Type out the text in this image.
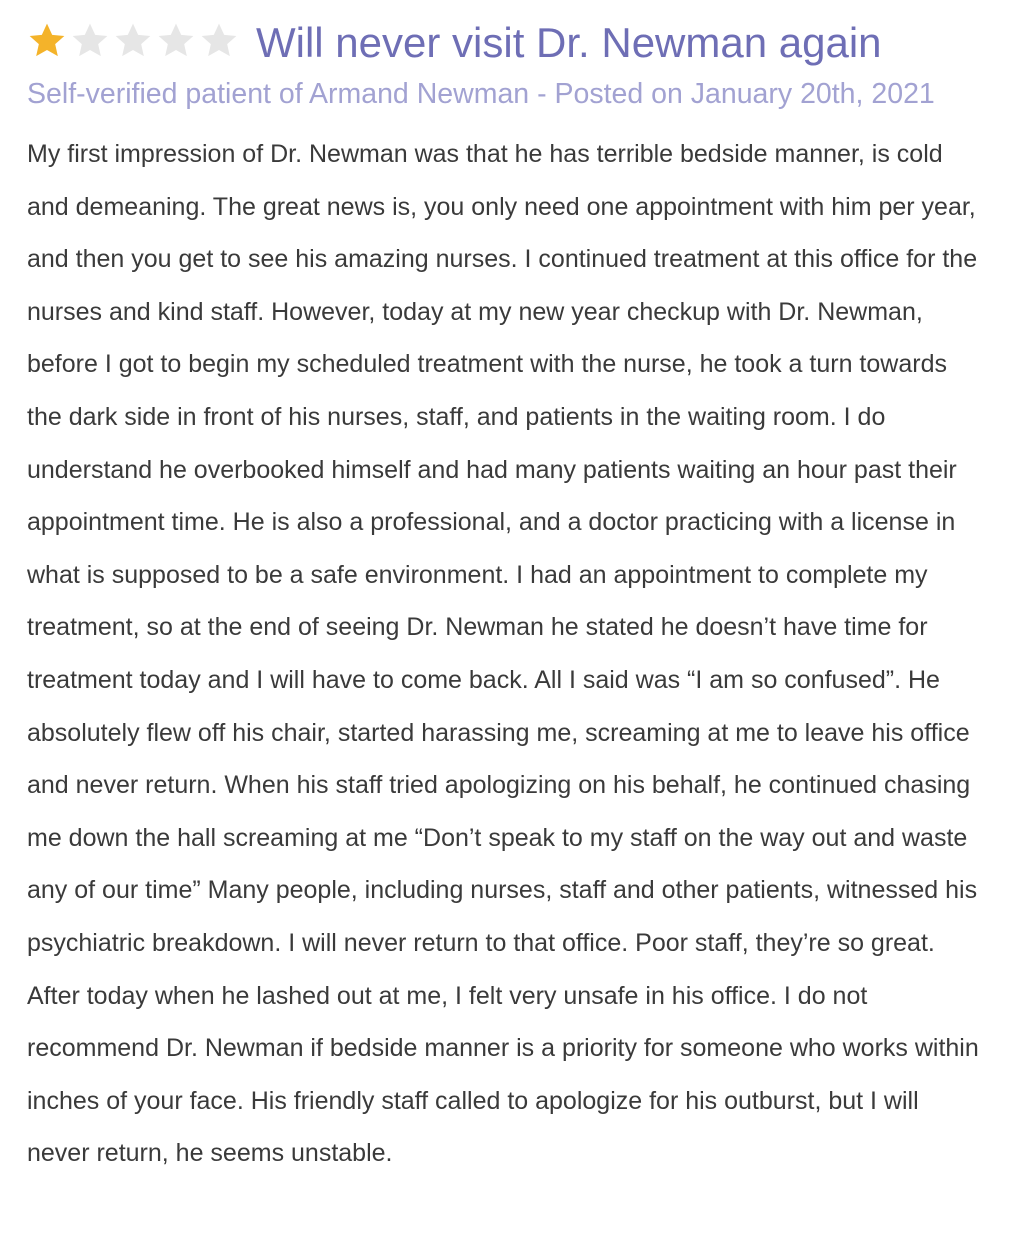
Will never visit Dr. Newman again
Self-verified patient of Armand Newman - Posted on January 20th, 2021

My first impression of Dr. Newman was that he has terrible bedside manner, is cold and demeaning. The great news is, you only need one appointment with him per year, and then you get to see his amazing nurses. I continued treatment at this office for the nurses and kind staff. However, today at my new year checkup with Dr. Newman, before I got to begin my scheduled treatment with the nurse, he took a turn towards the dark side in front of his nurses, staff, and patients in the waiting room. I do understand he overbooked himself and had many patients waiting an hour past their appointment time. He is also a professional, and a doctor practicing with a license in what is supposed to be a safe environment. I had an appointment to complete my treatment, so at the end of seeing Dr. Newman he stated he doesn’t have time for treatment today and I will have to come back. All I said was “I am so confused”. He absolutely flew off his chair, started harassing me, screaming at me to leave his office and never return. When his staff tried apologizing on his behalf, he continued chasing me down the hall screaming at me “Don’t speak to my staff on the way out and waste any of our time” Many people, including nurses, staff and other patients, witnessed his psychiatric breakdown. I will never return to that office. Poor staff, they’re so great. After today when he lashed out at me, I felt very unsafe in his office. I do not recommend Dr. Newman if bedside manner is a priority for someone who works within inches of your face. His friendly staff called to apologize for his outburst, but I will never return, he seems unstable.
